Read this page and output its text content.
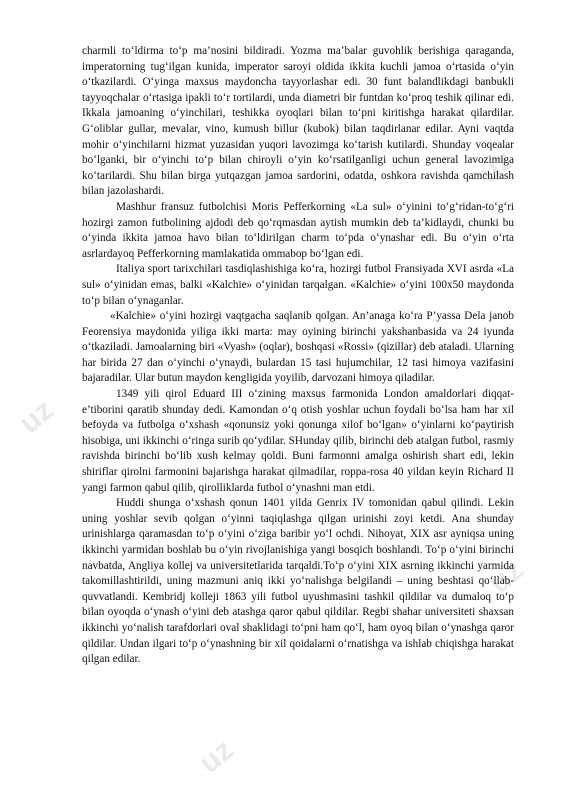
uz
uz
uz
uz

charmli to‘ldirma to‘p ma’nosini bildiradi. Yozma ma’balar guvohlik berishiga qaraganda, imperatorning tug‘ilgan kunida, imperator saroyi oldida ikkita kuchli jamoa o‘rtasida o‘yin o‘tkazilardi. O‘yinga maxsus maydoncha tayyorlashar edi. 30 funt balandlikdagi banbukli tayyoqchalar o‘rtasiga ipakli to‘r tortilardi, unda diametri bir funtdan ko‘proq teshik qilinar edi. Ikkala jamoaning o‘yinchilari, teshikka oyoqlari bilan to‘pni kiritishga harakat qilardilar. G‘oliblar gullar, mevalar, vino, kumush billur (kubok) bilan taqdirlanar edilar. Ayni vaqtda mohir o‘yinchilarni hizmat yuzasidan yuqori lavozimga ko‘tarish kutilardi. Shunday voqealar bo‘lganki, bir o‘yinchi to‘p bilan chiroyli o‘yin ko‘rsatilganligi uchun general lavozimiga ko‘tarilardi. Shu bilan birga yutqazgan jamoa sardorini, odatda, oshkora ravishda qamchilash bilan jazolashardi.

Mashhur fransuz futbolchisi Moris Pefferkorning «La sul» o‘yinini to‘g‘ridan-to‘g‘ri hozirgi zamon futbolining ajdodi deb qo‘rqmasdan aytish mumkin deb ta’kidlaydi, chunki bu o‘yinda ikkita jamoa havo bilan to‘ldirilgan charm to‘pda o‘ynashar edi. Bu o‘yin o‘rta asrlardayoq Pefferkorning mamlakatida ommabop bo‘lgan edi.

Italiya sport tarixchilari tasdiqlashishiga ko‘ra, hozirgi futbol Fransiyada XVI asrda «La sul» o‘yinidan emas, balki «Kalchie» o‘yinidan tarqalgan. «Kalchie» o‘yini 100x50 maydonda to‘p bilan o‘ynaganlar.

«Kalchie» o‘yini hozirgi vaqtgacha saqlanib qolgan. An’anaga ko‘ra P’yassa Dela janob Feorensiya maydonida yiliga ikki marta: may oyining birinchi yakshanbasida va 24 iyunda o‘tkaziladi. Jamoalarning biri «Vyash» (oqlar), boshqasi «Rossi» (qizillar) deb ataladi. Ularning har birida 27 dan o‘yinchi o‘ynaydi, bulardan 15 tasi hujumchilar, 12 tasi himoya vazifasini bajaradilar. Ular butun maydon kengligida yoyilib, darvozani himoya qiladilar.

1349 yili qirol Eduard III o‘zining maxsus farmonida London amaldorlari diqqat-e’tiborini qaratib shunday dedi. Kamondan o‘q otish yoshlar uchun foydali bo‘lsa ham har xil befoyda va futbolga o‘xshash «qonunsiz yoki qonunga xilof bo‘lgan» o‘yinlarni ko‘paytirish hisobiga, uni ikkinchi o‘ringa surib qo‘ydilar. SHunday qilib, birinchi deb atalgan futbol, rasmiy ravishda birinchi bo‘lib xush kelmay qoldi. Buni farmonni amalga oshirish shart edi, lekin shiriflar qirolni farmonini bajarishga harakat qilmadilar, roppa-rosa 40 yildan keyin Richard II yangi farmon qabul qilib, qirolliklarda futbol o‘ynashni man etdi.

Huddi shunga o‘xshash qonun 1401 yilda Genrix IV tomonidan qabul qilindi. Lekin uning yoshlar sevib qolgan o‘yinni taqiqlashga qilgan urinishi zoyi ketdi. Ana shunday urinishlarga qaramasdan to‘p o‘yini o‘ziga baribir yo‘l ochdi. Nihoyat, XIX asr ayniqsa uning ikkinchi yarmidan boshlab bu o‘yin rivojlanishiga yangi bosqich boshlandi. To‘p o‘yini birinchi navbatda, Angliya kollej va universitetlarida tarqaldi.To‘p o‘yini XIX asrning ikkinchi yarmida takomillashtirildi, uning mazmuni aniq ikki yo‘nalishga belgilandi – uning beshtasi qo‘llab-quvvatlandi. Kembridj kolleji 1863 yili futbol uyushmasini tashkil qildilar va dumaloq to‘p bilan oyoqda o‘ynash o‘yini deb atashga qaror qabul qildilar. Regbi shahar universiteti shaxsan ikkinchi yo‘nalish tarafdorlari oval shaklidagi to‘pni ham qo‘l, ham oyoq bilan o‘ynashga qaror qildilar. Undan ilgari to‘p o‘ynashning bir xil qoidalarni o‘rnatishga va ishlab chiqishga harakat qilgan edilar.
